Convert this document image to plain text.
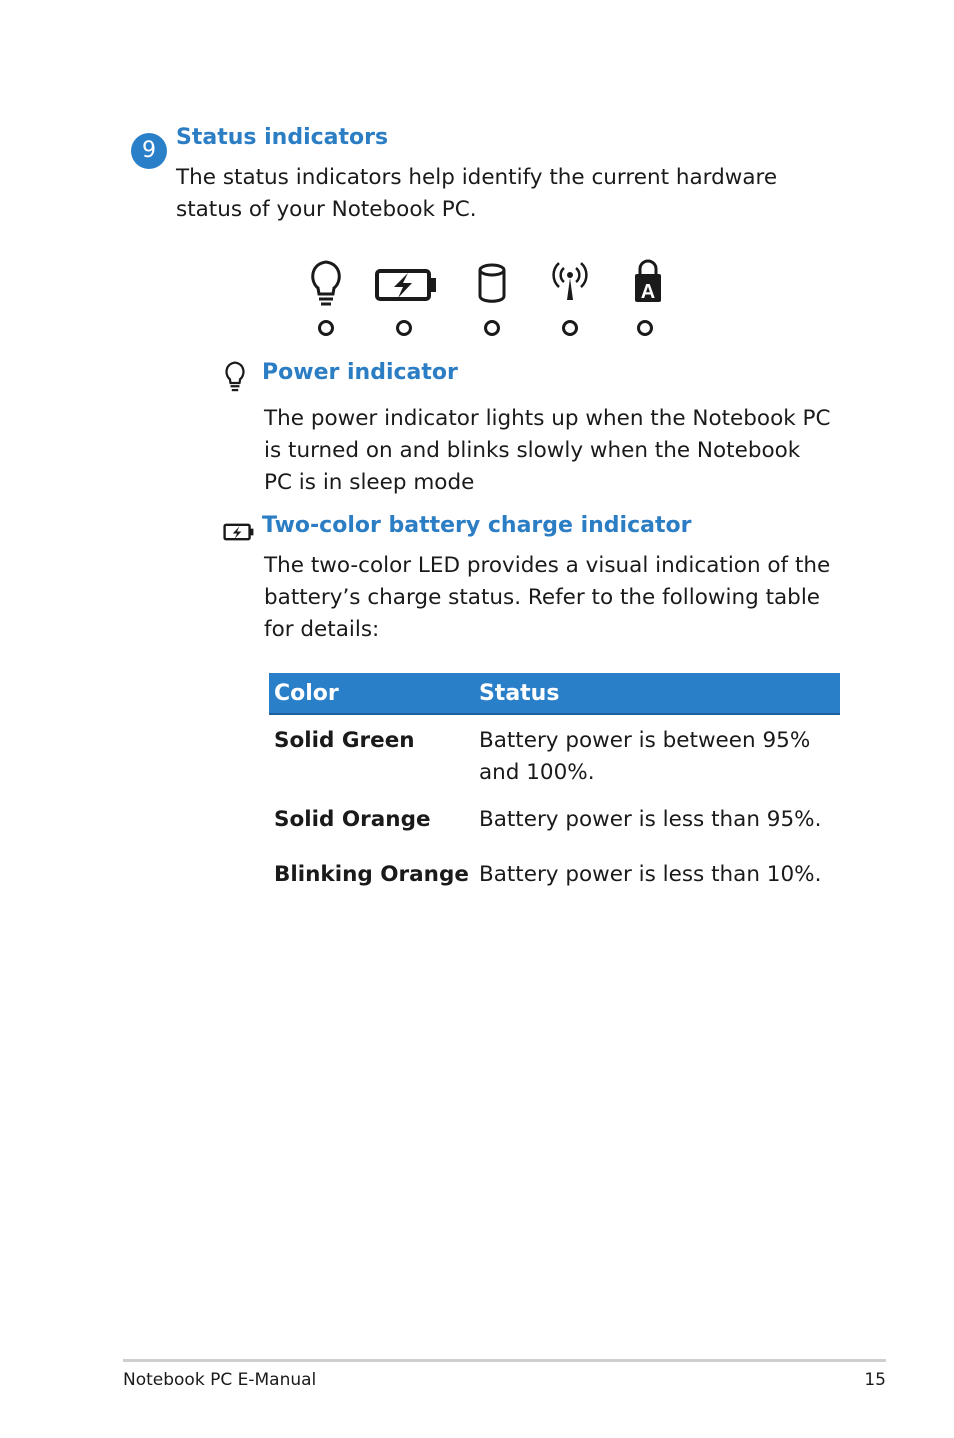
9
Status indicators
The status indicators help identify the current hardware status of your Notebook PC.
A
Power indicator
The power indicator lights up when the Notebook PC is turned on and blinks slowly when the Notebook PC is in sleep mode
Two-color battery charge indicator
The two-color LED provides a visual indication of the battery’s charge status. Refer to the following table for details:
Color	Status
Solid Green	Battery power is between 95% and 100%.
Solid Orange	Battery power is less than 95%.
Blinking Orange	Battery power is less than 10%.
Notebook PC E-Manual	15
